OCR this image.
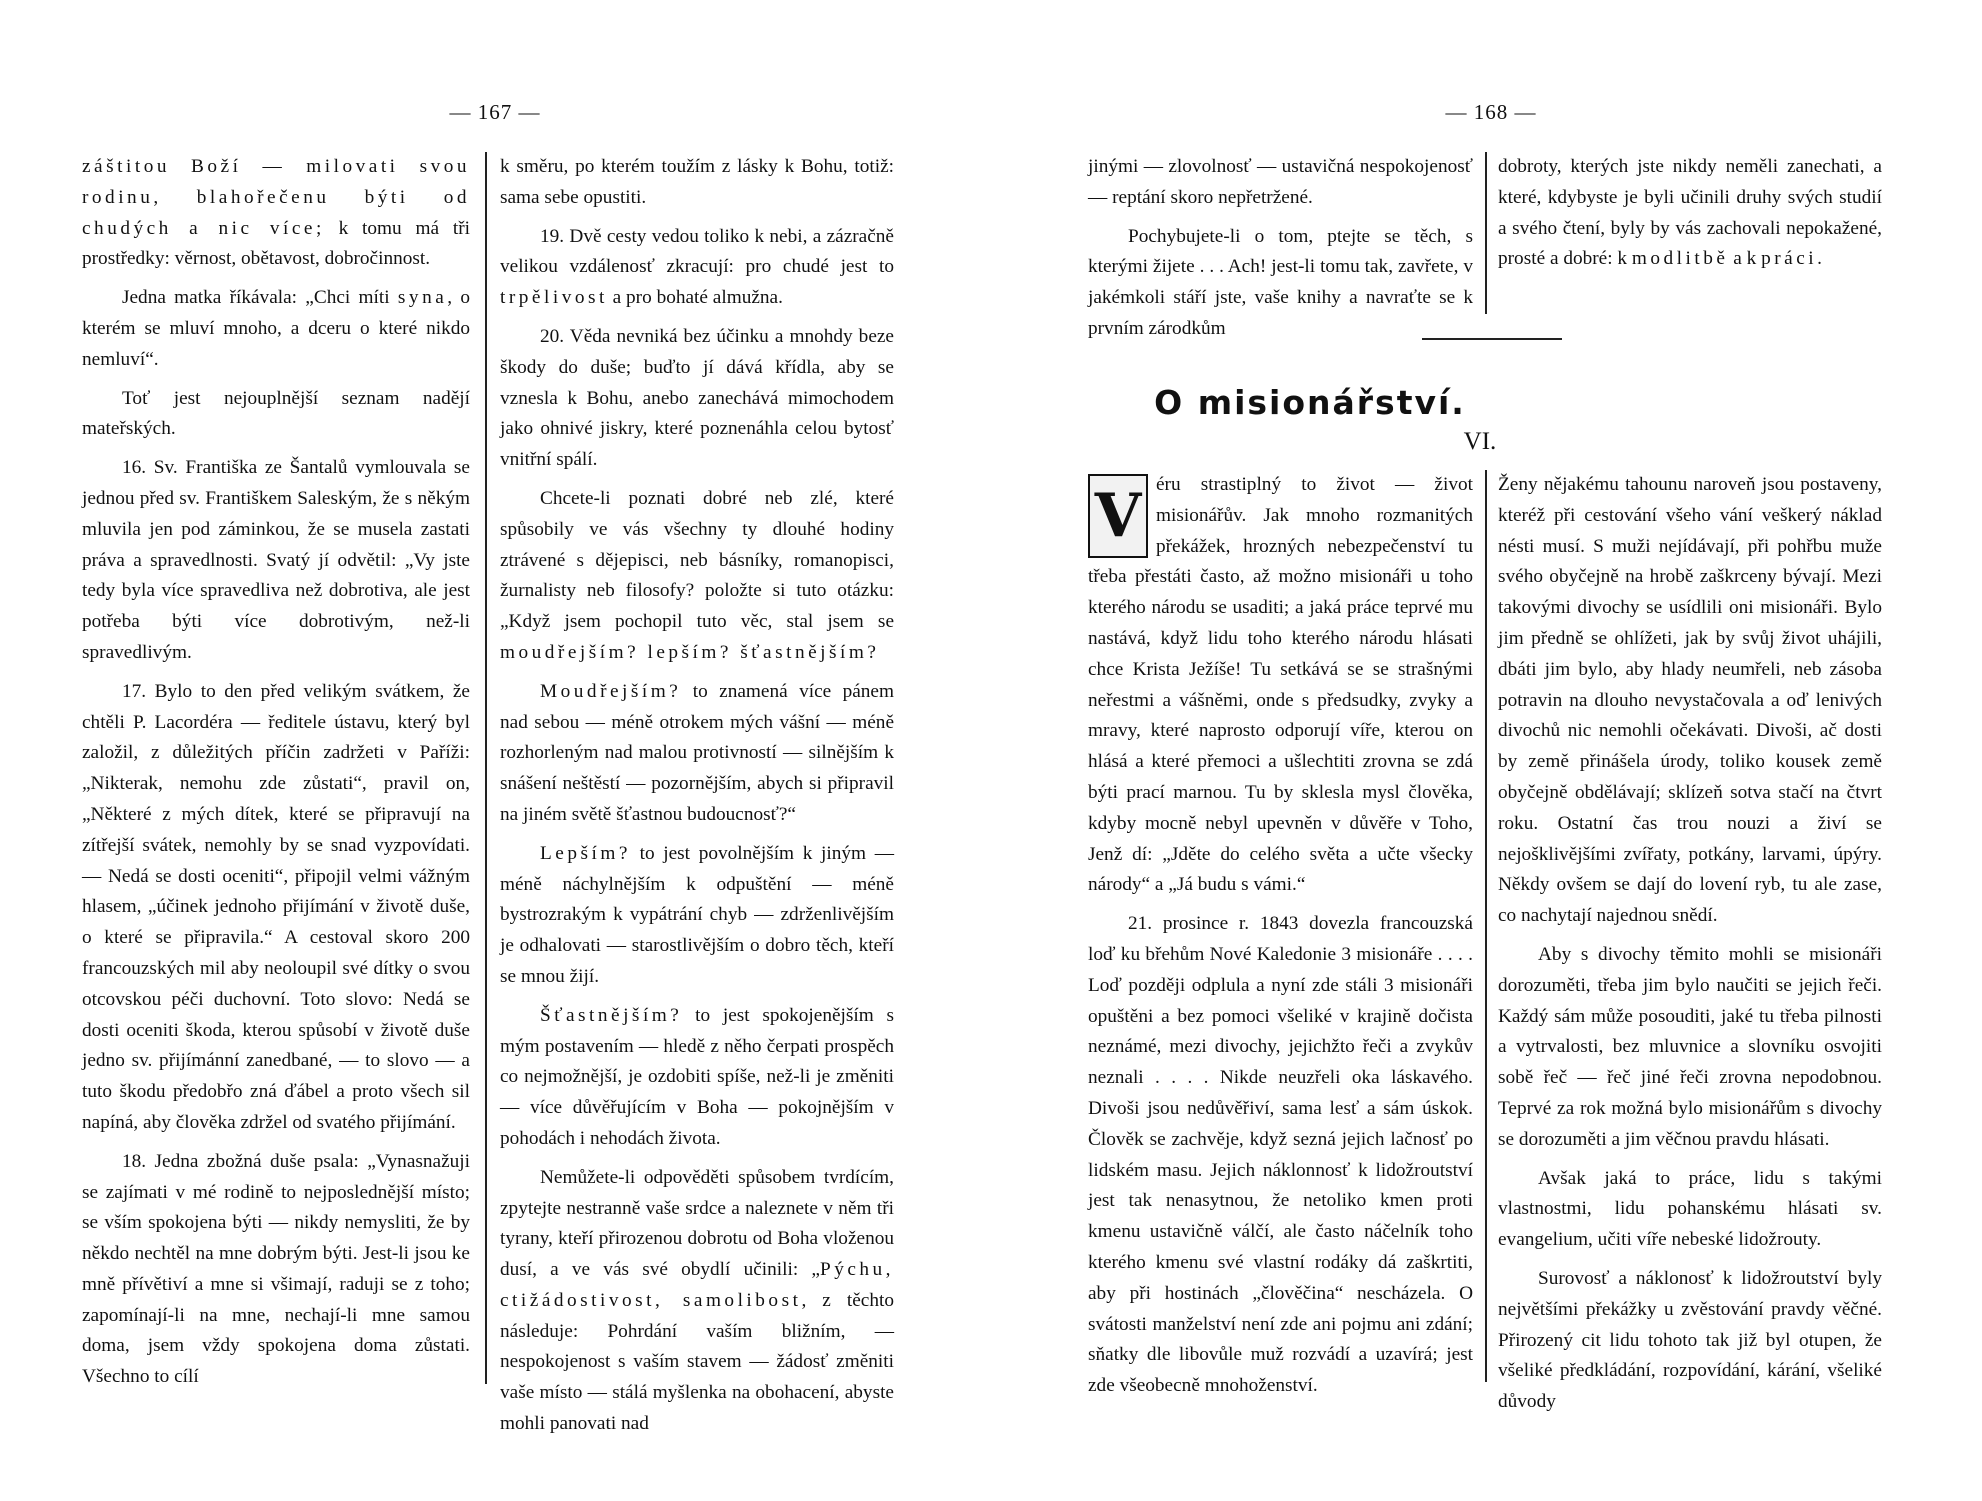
— 167 —

záštitou Boží — milovati svou rodinu, blahořečenu býti od chudých a nic více; k tomu má tři prostředky: věrnost, obětavost, dobročinnost.

Jedna matka říkávala: „Chci míti syna, o kterém se mluví mnoho, a dceru o které nikdo nemluví“.

Toť jest nejouplnější seznam nadějí mateřských.

16. Sv. Františka ze Šantalů vymlouvala se jednou před sv. Františkem Saleským, že s někým mluvila jen pod záminkou, že se musela zastati práva a spravedlnosti. Svatý jí odvětil: „Vy jste tedy byla více spravedliva než dobrotiva, ale jest potřeba býti více dobrotivým, než-li spravedlivým.

17. Bylo to den před velikým svátkem, že chtěli P. Lacordéra — ředitele ústavu, který byl založil, z důležitých příčin zadržeti v Paříži: „Nikterak, nemohu zde zůstati“, pravil on, „Některé z mých dítek, které se připravují na zítřejší svátek, nemohly by se snad vyzpovídati. — Nedá se dosti oceniti“, připojil velmi vážným hlasem, „účinek jednoho přijímání v životě duše, o které se připravila.“ A cestoval skoro 200 francouzských mil aby neoloupil své dítky o svou otcovskou péči duchovní. Toto slovo: Nedá se dosti oceniti škoda, kterou spůsobí v životě duše jedno sv. přijímánní zanedbané, — to slovo — a tuto škodu předobřo zná ďábel a proto všech sil napíná, aby člověka zdržel od svatého přijímání.

18. Jedna zbožná duše psala: „Vynasnažuji se zajímati v mé rodině to nejposlednější místo; se vším spokojena býti — nikdy nemysliti, že by někdo nechtěl na mne dobrým býti. Jest-li jsou ke mně přívětiví a mne si všimají, raduji se z toho; zapomínají-li na mne, nechají-li mne samou doma, jsem vždy spokojena doma zůstati. Všechno to cílí

k směru, po kterém toužím z lásky k Bohu, totiž: sama sebe opustiti.

19. Dvě cesty vedou toliko k nebi, a zázračně velikou vzdálenosť zkracují: pro chudé jest to trpělivost a pro bohaté almužna.

20. Věda nevniká bez účinku a mnohdy beze škody do duše; buďto jí dává křídla, aby se vznesla k Bohu, anebo zanechává mimochodem jako ohnivé jiskry, které poznenáhla celou bytosť vnitřní spálí.

Chcete-li poznati dobré neb zlé, které spůsobily ve vás všechny ty dlouhé hodiny ztrávené s dějepisci, neb básníky, romanopisci, žurnalisty neb filosofy? položte si tuto otázku: „Když jsem pochopil tuto věc, stal jsem se moudřejším? lepším? šťastnějším?

Moudřejším? to znamená více pánem nad sebou — méně otrokem mých vášní — méně rozhorleným nad malou protivností — silnějším k snášení neštěstí — pozornějším, abych si připravil na jiném světě šťastnou budoucnosť?“

Lepším? to jest povolnějším k jiným — méně náchylnějším k odpuštění — méně bystrozrakým k vypátrání chyb — zdrženlivějším je odhalovati — starostlivějším o dobro těch, kteří se mnou žijí.

Šťastnějším? to jest spokojenějším s mým postavením — hledě z něho čerpati prospěch co nejmožnější, je ozdobiti spíše, než-li je změniti — více důvěřujícím v Boha — pokojnějším v pohodách i nehodách života.

Nemůžete-li odpověděti spůsobem tvrdícím, zpytejte nestranně vaše srdce a naleznete v něm tři tyrany, kteří přirozenou dobrotu od Boha vloženou dusí, a ve vás své obydlí učinili: „Pýchu, ctižádostivost, samolibost, z těchto následuje: Pohrdání vaším bližním, — nespokojenost s vaším stavem — žádosť změniti vaše místo — stálá myšlenka na obohacení, abyste mohli panovati nad

— 168 —

jinými — zlovolnosť — ustavičná nespokojenosť — reptání skoro nepřetržené.

Pochybujete-li o tom, ptejte se těch, s kterými žijete . . . Ach! jest-li tomu tak, zavřete, v jakémkoli stáří jste, vaše knihy a navraťte se k prvním zárodkům

dobroty, kterých jste nikdy neměli zanechati, a které, kdybyste je byli učinili druhy svých studií a svého čtení, byly by vás zachovali nepokažené, prosté a dobré: k modlitbě a k práci.

O misionářství.
VI.
V éru strastiplný to život — život misionářův. Jak mnoho rozmanitých překážek, hrozných nebezpečenství tu třeba přestáti často, až možno misionáři u toho kterého národu se usaditi; a jaká práce teprvé mu nastává, když lidu toho kterého národu hlásati chce Krista Ježíše! Tu setkává se se strašnými neřestmi a vášněmi, onde s předsudky, zvyky a mravy, které naprosto odporují víře, kterou on hlásá a které přemoci a ušlechtiti zrovna se zdá býti prací marnou. Tu by sklesla mysl člověka, kdyby mocně nebyl upevněn v důvěře v Toho, Jenž dí: „Jděte do celého světa a učte všecky národy“ a „Já budu s vámi.“

21. prosince r. 1843 dovezla francouzská loď ku břehům Nové Kaledonie 3 misionáře . . . . Loď později odplula a nyní zde stáli 3 misionáři opuštěni a bez pomoci všeliké v krajině dočista neznámé, mezi divochy, jejichžto řeči a zvykův neznali . . . . Nikde neuzřeli oka láskavého. Divoši jsou nedůvěřiví, sama lesť a sám úskok. Člověk se zachvěje, když sezná jejich lačnosť po lidském masu. Jejich náklonnosť k lidožroutství jest tak nenasytnou, že netoliko kmen proti kmenu ustavičně válčí, ale často náčelník toho kterého kmenu své vlastní rodáky dá zaškrtiti, aby při hostinách „člověčina“ nescházela. O svátosti manželství není zde ani pojmu ani zdání; sňatky dle libovůle muž rozvádí a uzavírá; jest zde všeobecně mnohoženství.

Ženy nějakému tahounu naroveň jsou postaveny, kteréž při cestování všeho vání veškerý náklad nésti musí. S muži nejídávají, při pohřbu muže svého obyčejně na hrobě zaškrceny bývají. Mezi takovými divochy se usídlili oni misionáři. Bylo jim předně se ohlížeti, jak by svůj život uhájili, dbáti jim bylo, aby hlady neumřeli, neb zásoba potravin na dlouho nevystačovala a oď lenivých divochů nic nemohli očekávati. Divoši, ač dosti by země přinášela úrody, toliko kousek země obyčejně obdělávají; sklízeň sotva stačí na čtvrt roku. Ostatní čas trou nouzi a živí se nejošklivějšími zvířaty, potkány, larvami, úpýry. Někdy ovšem se dají do lovení ryb, tu ale zase, co nachytají najednou snědí.

Aby s divochy těmito mohli se misionáři dorozuměti, třeba jim bylo naučiti se jejich řeči. Každý sám může posouditi, jaké tu třeba pilnosti a vytrvalosti, bez mluvnice a slovníku osvojiti sobě řeč — řeč jiné řeči zrovna nepodobnou. Teprvé za rok možná bylo misionářům s divochy se dorozuměti a jim věčnou pravdu hlásati.

Avšak jaká to práce, lidu s takými vlastnostmi, lidu pohanskému hlásati sv. evangelium, učiti víře nebeské lidožrouty.

Surovosť a náklonosť k lidožroutství byly největšími překážky u zvěstování pravdy věčné. Přirozený cit lidu tohoto tak již byl otupen, že všeliké předkládání, rozpovídání, kárání, všeliké důvody
